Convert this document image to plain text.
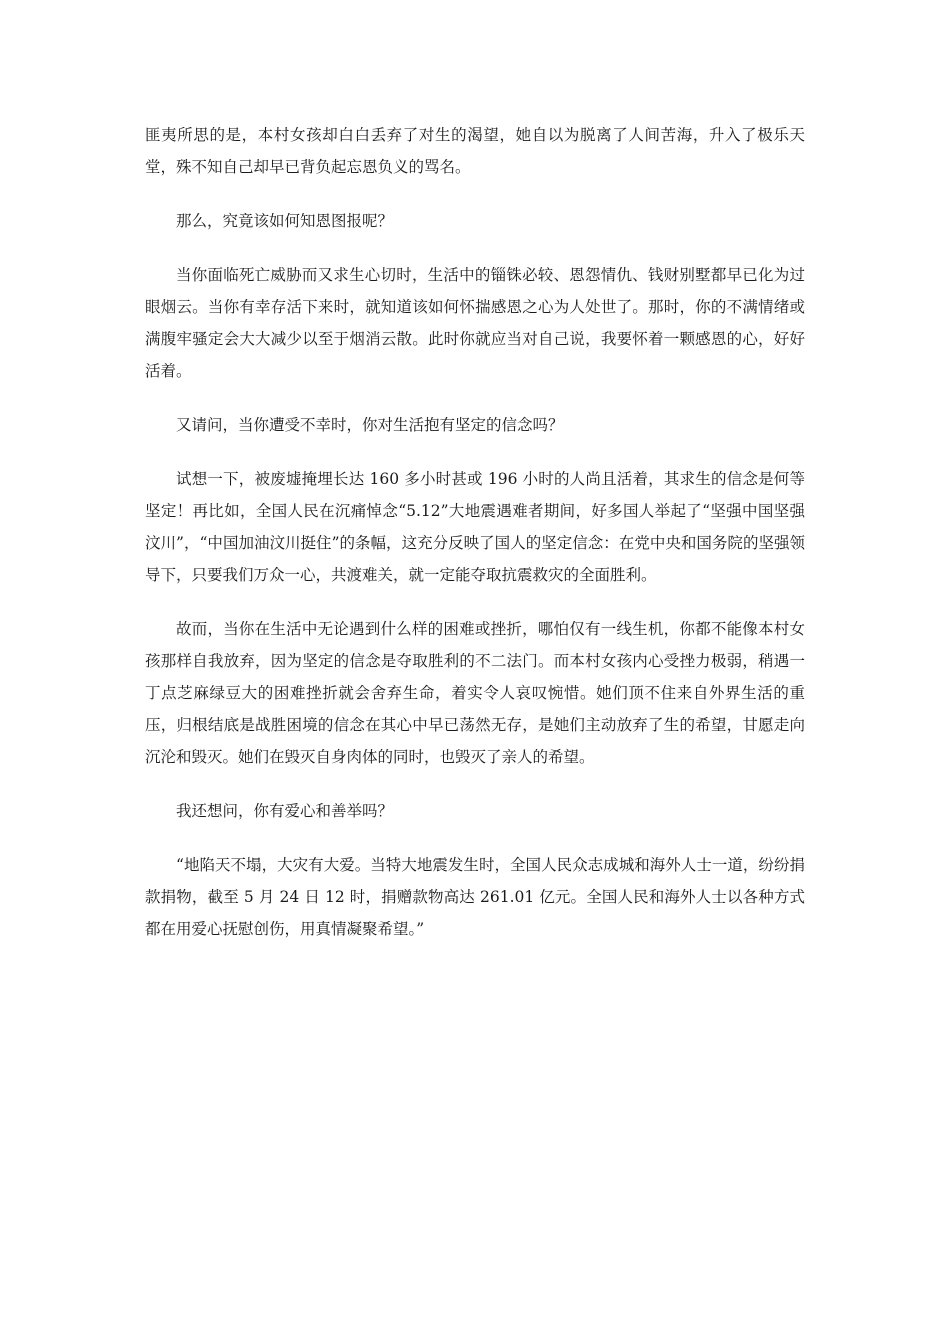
匪夷所思的是，本村女孩却白白丢弃了对生的渴望，她自以为脱离了人间苦海，升入了极乐天堂，殊不知自己却早已背负起忘恩负义的骂名。

那么，究竟该如何知恩图报呢？

当你面临死亡威胁而又求生心切时，生活中的锱铢必较、恩怨情仇、钱财别墅都早已化为过眼烟云。当你有幸存活下来时，就知道该如何怀揣感恩之心为人处世了。那时，你的不满情绪或满腹牢骚定会大大减少以至于烟消云散。此时你就应当对自己说，我要怀着一颗感恩的心，好好活着。

又请问，当你遭受不幸时，你对生活抱有坚定的信念吗？

试想一下，被废墟掩埋长达 160 多小时甚或 196 小时的人尚且活着，其求生的信念是何等坚定！再比如，全国人民在沉痛悼念“5.12”大地震遇难者期间，好多国人举起了“坚强中国坚强汶川”，“中国加油汶川挺住”的条幅，这充分反映了国人的坚定信念：在党中央和国务院的坚强领导下，只要我们万众一心，共渡难关，就一定能夺取抗震救灾的全面胜利。

故而，当你在生活中无论遇到什么样的困难或挫折，哪怕仅有一线生机，你都不能像本村女孩那样自我放弃，因为坚定的信念是夺取胜利的不二法门。而本村女孩内心受挫力极弱，稍遇一丁点芝麻绿豆大的困难挫折就会舍弃生命，着实令人哀叹惋惜。她们顶不住来自外界生活的重压，归根结底是战胜困境的信念在其心中早已荡然无存，是她们主动放弃了生的希望，甘愿走向沉沦和毁灭。她们在毁灭自身肉体的同时，也毁灭了亲人的希望。

我还想问，你有爱心和善举吗？

“地陷天不塌，大灾有大爱。当特大地震发生时，全国人民众志成城和海外人士一道，纷纷捐款捐物，截至 5 月 24 日 12 时，捐赠款物高达 261.01 亿元。全国人民和海外人士以各种方式都在用爱心抚慰创伤，用真情凝聚希望。”
